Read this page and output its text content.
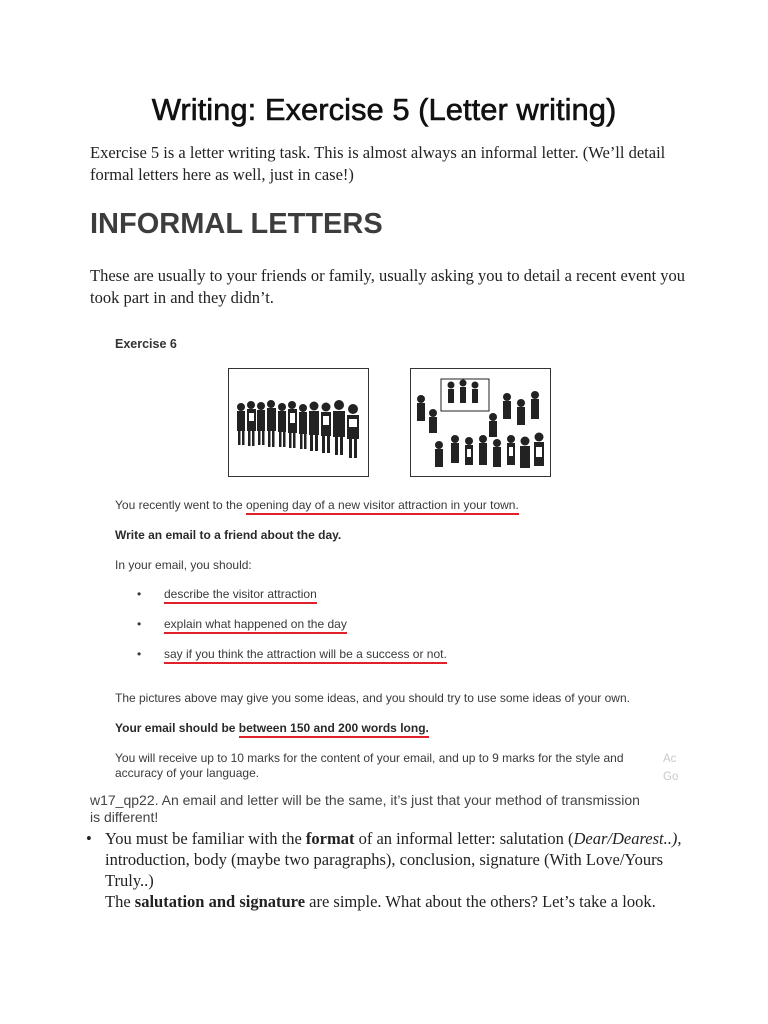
Writing: Exercise 5 (Letter writing)

Exercise 5 is a letter writing task. This is almost always an informal letter. (We’ll detail formal letters here as well, just in case!)

INFORMAL LETTERS

These are usually to your friends or family, usually asking you to detail a recent event you took part in and they didn’t.

Exercise 6
You recently went to the opening day of a new visitor attraction in your town.
Write an email to a friend about the day.
In your email, you should:
• describe the visitor attraction
• explain what happened on the day
• say if you think the attraction will be a success or not.
The pictures above may give you some ideas, and you should try to use some ideas of your own.
Your email should be between 150 and 200 words long.
You will receive up to 10 marks for the content of your email, and up to 9 marks for the style and
accuracy of your language.
Ac
Go

w17_qp22. An email and letter will be the same, it’s just that your method of transmission is different!

• You must be familiar with the format of an informal letter: salutation (Dear/Dearest..), introduction, body (maybe two paragraphs), conclusion, signature (With Love/Yours Truly..)
The salutation and signature are simple. What about the others? Let’s take a look.
